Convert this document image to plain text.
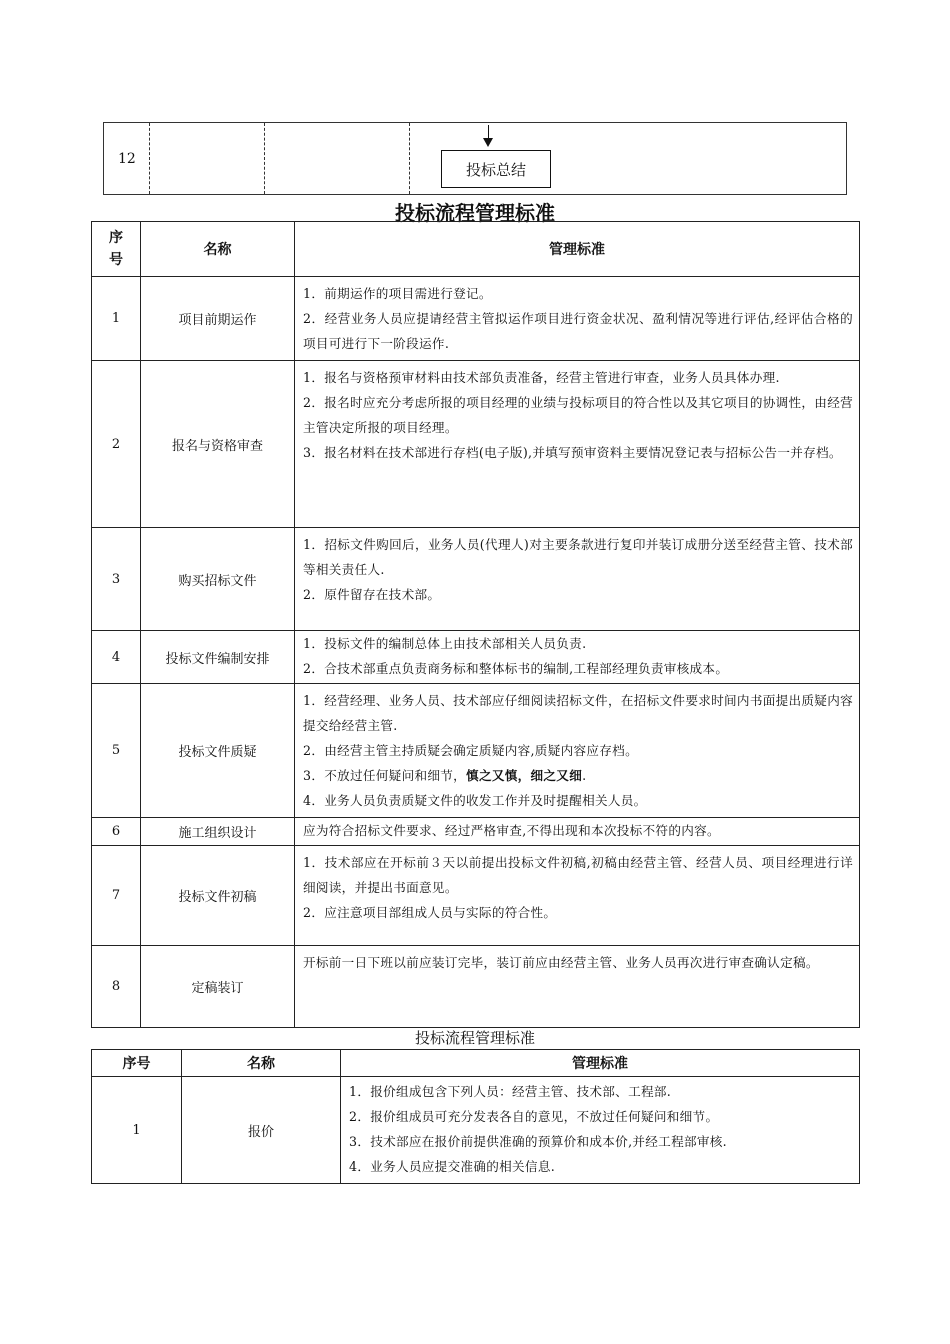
12
投标总结
投标流程管理标准
序
号	名称	管理标准
1	项目前期运作	1．前期运作的项目需进行登记。

2．经营业务人员应提请经营主管拟运作项目进行资金状况、盈利情况等进行评估,经评估合格的项目可进行下一阶段运作.

2	报名与资格审查	1．报名与资格预审材料由技术部负责准备，经营主管进行审查，业务人员具体办理.

2．报名时应充分考虑所报的项目经理的业绩与投标项目的符合性以及其它项目的协调性，由经营主管决定所报的项目经理。

3．报名材料在技术部进行存档(电子版),并填写预审资料主要情况登记表与招标公告一并存档。

3	购买招标文件	1．招标文件购回后，业务人员(代理人)对主要条款进行复印并装订成册分送至经营主管、技术部等相关责任人.

2．原件留存在技术部。

4	投标文件编制安排	1．投标文件的编制总体上由技术部相关人员负责.

2．合技术部重点负责商务标和整体标书的编制,工程部经理负责审核成本。

5	投标文件质疑	1．经营经理、业务人员、技术部应仔细阅读招标文件，在招标文件要求时间内书面提出质疑内容提交给经营主管.

2．由经营主管主持质疑会确定质疑内容,质疑内容应存档。

3．不放过任何疑问和细节，慎之又慎，细之又细.

4．业务人员负责质疑文件的收发工作并及时提醒相关人员。

6	施工组织设计	应为符合招标文件要求、经过严格审查,不得出现和本次投标不符的内容。

7	投标文件初稿	1．技术部应在开标前３天以前提出投标文件初稿,初稿由经营主管、经营人员、项目经理进行详细阅读，并提出书面意见。

2．应注意项目部组成人员与实际的符合性。

8	定稿装订	开标前一日下班以前应装订完毕，装订前应由经营主管、业务人员再次进行审查确认定稿。

投标流程管理标准
序号	名称	管理标准
1	报价	1．报价组成包含下列人员：经营主管、技术部、工程部.

2．报价组成员可充分发表各自的意见，不放过任何疑问和细节。

3．技术部应在报价前提供准确的预算价和成本价,并经工程部审核.

4．业务人员应提交准确的相关信息.
